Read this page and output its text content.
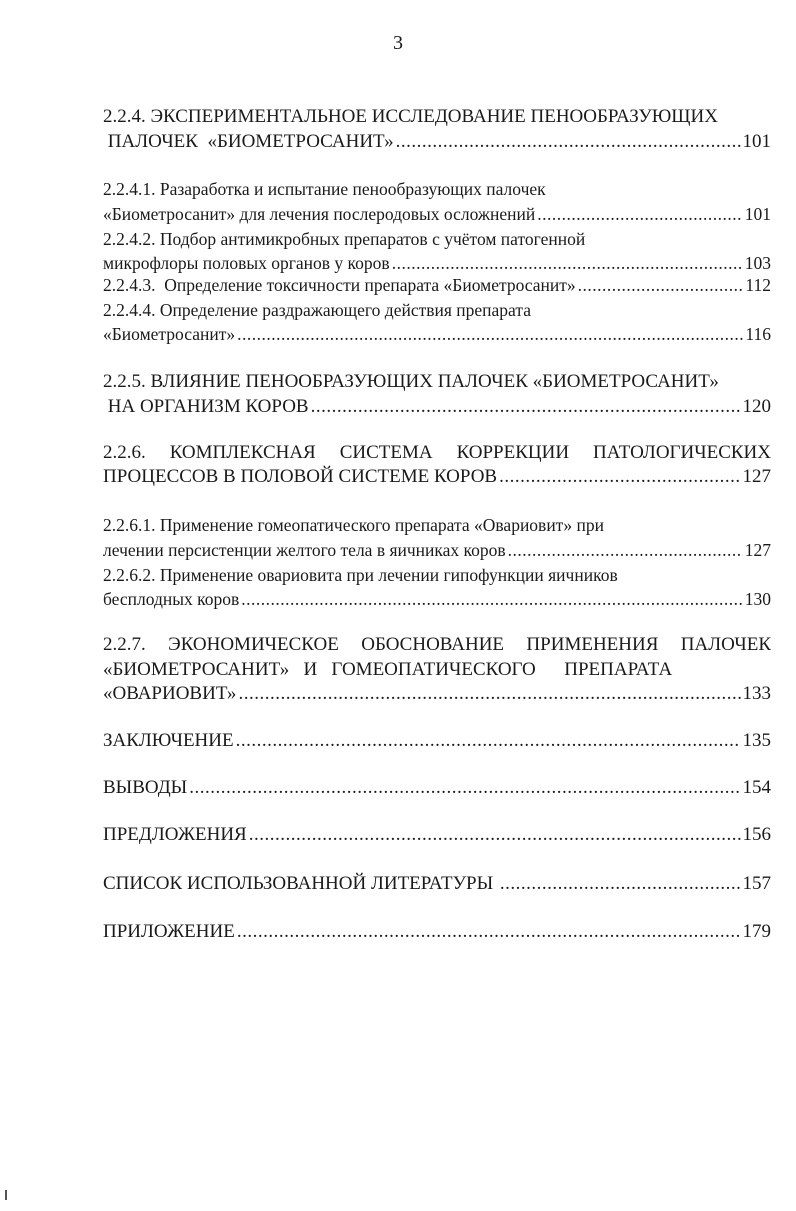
3
2.2.4. ЭКСПЕРИМЕНТАЛЬНОЕ ИССЛЕДОВАНИЕ ПЕНООБРАЗУЮЩИХ
ПАЛОЧЕК  «БИОМЕТРОСАНИТ» .....	101
2.2.4.1. Разаработка и испытание пенообразующих палочек
«Биометросанит» для лечения послеродовых осложнений .....	101
2.2.4.2. Подбор антимикробных препаратов с учётом патогенной
микрофлоры половых органов у коров .....	103
2.2.4.3.  Определение токсичности препарата «Биометросанит» .....	112
2.2.4.4. Определение раздражающего действия препарата
«Биометросанит» .....	116
2.2.5. ВЛИЯНИЕ ПЕНООБРАЗУЮЩИХ ПАЛОЧЕК «БИОМЕТРОСАНИТ»
НА ОРГАНИЗМ КОРОВ .....	120
2.2.6. КОМПЛЕКСНАЯ СИСТЕМА КОРРЕКЦИИ ПАТОЛОГИЧЕСКИХ
ПРОЦЕССОВ В ПОЛОВОЙ СИСТЕМЕ КОРОВ .....	127
2.2.6.1. Применение гомеопатического препарата «Овариовит» при
лечении персистенции желтого тела в яичниках коров .....	127
2.2.6.2. Применение овариовита при лечении гипофункции яичников
бесплодных коров .....	130
2.2.7. ЭКОНОМИЧЕСКОЕ ОБОСНОВАНИЕ ПРИМЕНЕНИЯ ПАЛОЧЕК
«БИОМЕТРОСАНИТ»   И   ГОМЕОПАТИЧЕСКОГО      ПРЕПАРАТА
«ОВАРИОВИТ» .....	133
ЗАКЛЮЧЕНИЕ .....	135
ВЫВОДЫ .....	154
ПРЕДЛОЖЕНИЯ .....	156
СПИСОК ИСПОЛЬЗОВАННОЙ ЛИТЕРАТУРЫ .....	157
ПРИЛОЖЕНИЕ .....	179
